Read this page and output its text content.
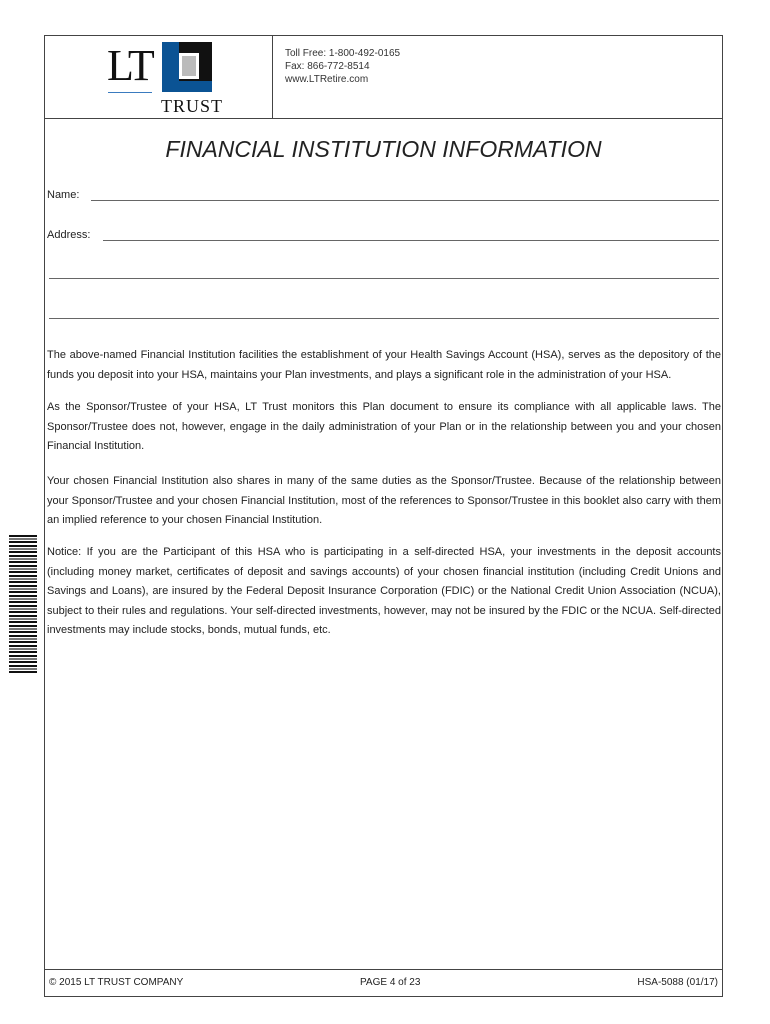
LT
TRUST
Toll Free: 1-800-492-0165
Fax: 866-772-8514
www.LTRetire.com
FINANCIAL INSTITUTION INFORMATION
Name:
Address:
The above-named Financial Institution facilities the establishment of your Health Savings Account (HSA), serves as the depository of the funds you deposit into your HSA, maintains your Plan investments, and plays a significant role in the administration of your HSA.
As the Sponsor/Trustee of your HSA, LT Trust monitors this Plan document to ensure its compliance with all applicable laws. The Sponsor/Trustee does not, however, engage in the daily administration of your Plan or in the relationship between you and your chosen Financial Institution.
Your chosen Financial Institution also shares in many of the same duties as the Sponsor/Trustee. Because of the relationship between your Sponsor/Trustee and your chosen Financial Institution, most of the references to Sponsor/Trustee in this booklet also carry with them an implied reference to your chosen Financial Institution.
Notice: If you are the Participant of this HSA who is participating in a self-directed HSA, your investments in the deposit accounts (including money market, certificates of deposit and savings accounts) of your chosen financial institution (including Credit Unions and Savings and Loans), are insured by the Federal Deposit Insurance Corporation (FDIC) or the National Credit Union Association (NCUA), subject to their rules and regulations. Your self-directed investments, however, may not be insured by the FDIC or the NCUA. Self-directed investments may include stocks, bonds, mutual funds, etc.
© 2015 LT TRUST COMPANY	PAGE 4 of 23	HSA-5088 (01/17)
